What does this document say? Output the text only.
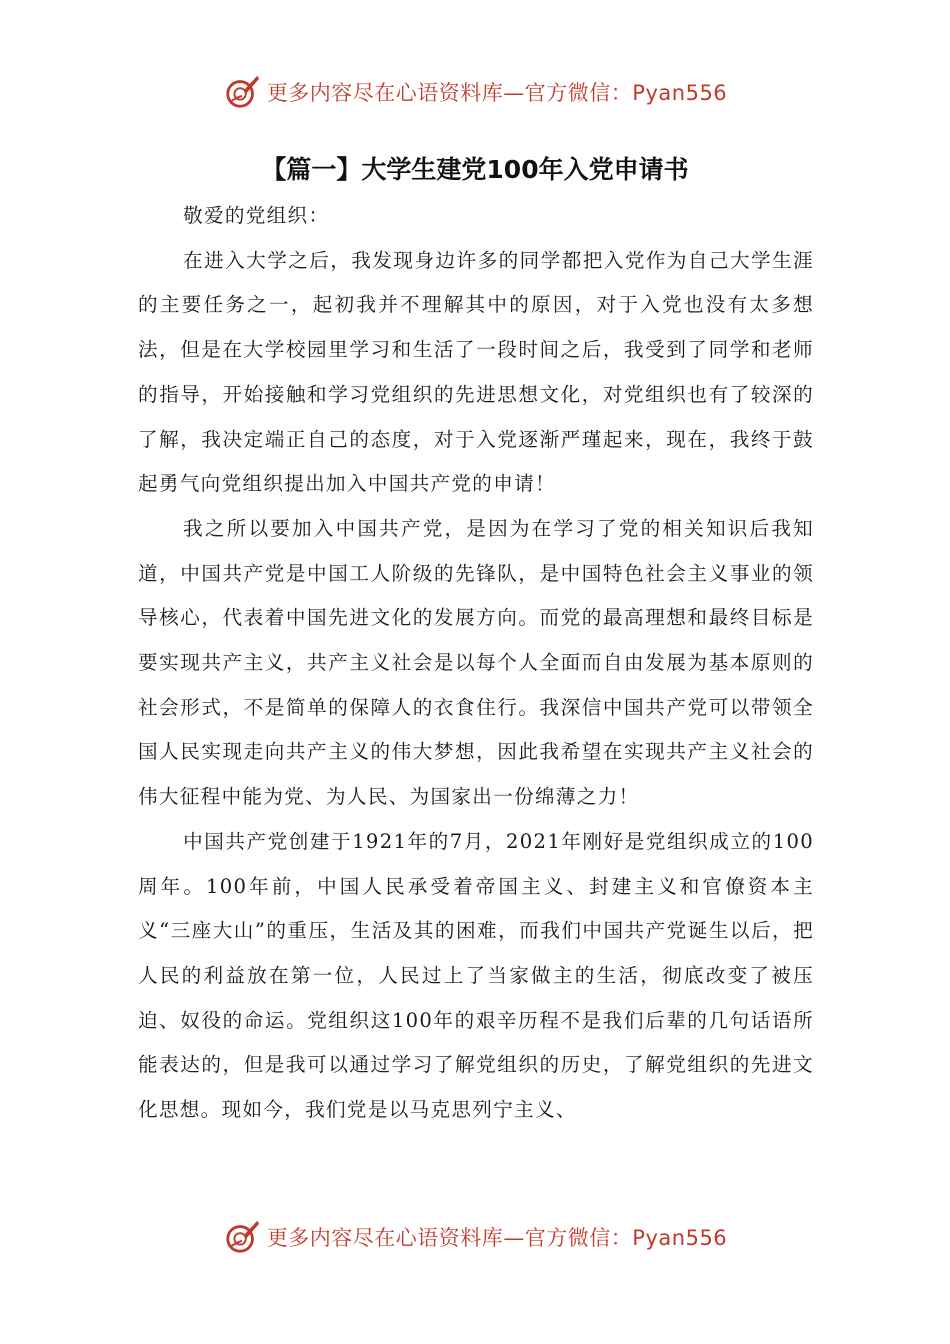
更多内容尽在心语资料库—官方微信：Pyan556
【篇一】大学生建党100年入党申请书

敬爱的党组织：

在进入大学之后，我发现身边许多的同学都把入党作为自己大学生涯的主要任务之一，起初我并不理解其中的原因，对于入党也没有太多想法，但是在大学校园里学习和生活了一段时间之后，我受到了同学和老师的指导，开始接触和学习党组织的先进思想文化，对党组织也有了较深的了解，我决定端正自己的态度，对于入党逐渐严瑾起来，现在，我终于鼓起勇气向党组织提出加入中国共产党的申请！

我之所以要加入中国共产党，是因为在学习了党的相关知识后我知道，中国共产党是中国工人阶级的先锋队，是中国特色社会主义事业的领导核心，代表着中国先进文化的发展方向。而党的最高理想和最终目标是要实现共产主义，共产主义社会是以每个人全面而自由发展为基本原则的社会形式，不是简单的保障人的衣食住行。我深信中国共产党可以带领全国人民实现走向共产主义的伟大梦想，因此我希望在实现共产主义社会的伟大征程中能为党、为人民、为国家出一份绵薄之力！

中国共产党创建于1921年的7月，2021年刚好是党组织成立的100周年。100年前，中国人民承受着帝国主义、封建主义和官僚资本主义“三座大山”的重压，生活及其的困难，而我们中国共产党诞生以后，把人民的利益放在第一位，人民过上了当家做主的生活，彻底改变了被压迫、奴役的命运。党组织这100年的艰辛历程不是我们后辈的几句话语所能表达的，但是我可以通过学习了解党组织的历史，了解党组织的先进文化思想。现如今，我们党是以马克思列宁主义、

更多内容尽在心语资料库—官方微信：Pyan556
